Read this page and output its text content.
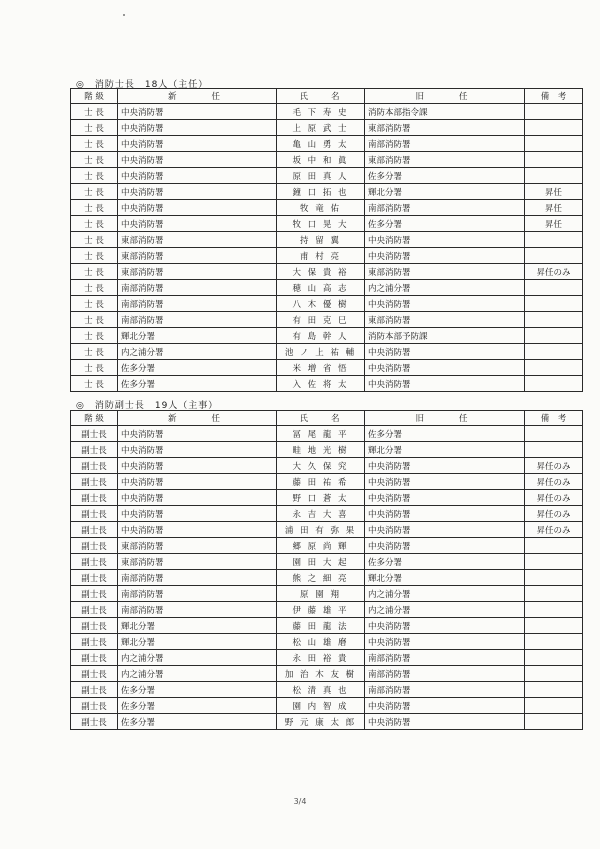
◎　消防士長　18人（主任）
階 級	新　　任	氏　　名	旧　　任	備　考
士 長	中央消防署	毛 下 寿 史	消防本部指令課	
士 長	中央消防署	上 原 武 士	東部消防署	
士 長	中央消防署	亀 山 勇 太	南部消防署	
士 長	中央消防署	坂 中 和 眞	東部消防署	
士 長	中央消防署	原 田 真 人	佐多分署	
士 長	中央消防署	鐘 口 拓 也	輝北分署	昇任
士 長	中央消防署	牧 竜 佑	南部消防署	昇任
士 長	中央消防署	牧 口 晃 大	佐多分署	昇任
士 長	東部消防署	持 留 翼	中央消防署	
士 長	東部消防署	甫 村 亮	中央消防署	
士 長	東部消防署	大 保 貴 裕	東部消防署	昇任のみ
士 長	南部消防署	穂 山 高 志	内之浦分署	
士 長	南部消防署	八 木 優 樹	中央消防署	
士 長	南部消防署	有 田 克 巳	東部消防署	
士 長	輝北分署	有 島 幹 人	消防本部予防課	
士 長	内之浦分署	池 ノ 上 祐 輔	中央消防署	
士 長	佐多分署	米 増 省 悟	中央消防署	
士 長	佐多分署	入 佐 将 太	中央消防署	
◎　消防副士長　19人（主事）
階 級	新　　任	氏　　名	旧　　任	備　考
副士長	中央消防署	冨 尾 龍 平	佐多分署	
副士長	中央消防署	畦 地 光 樹	輝北分署	
副士長	中央消防署	大 久 保 究	中央消防署	昇任のみ
副士長	中央消防署	藤 田 祐 希	中央消防署	昇任のみ
副士長	中央消防署	野 口 蒼 太	中央消防署	昇任のみ
副士長	中央消防署	永 吉 大 喜	中央消防署	昇任のみ
副士長	中央消防署	浦 田 有 弥 果	中央消防署	昇任のみ
副士長	東部消防署	郷 原 尚 輝	中央消防署	
副士長	東部消防署	園 田 大 起	佐多分署	
副士長	南部消防署	熊 之 細 亮	輝北分署	
副士長	南部消防署	原 園 翔	内之浦分署	
副士長	南部消防署	伊 藤 雄 平	内之浦分署	
副士長	輝北分署	藤 田 龍 法	中央消防署	
副士長	輝北分署	松 山 雄 磨	中央消防署	
副士長	内之浦分署	永 田 裕 貴	南部消防署	
副士長	内之浦分署	加 治 木 友 樹	南部消防署	
副士長	佐多分署	松 清 真 也	南部消防署	
副士長	佐多分署	園 内 智 成	中央消防署	
副士長	佐多分署	野 元 康 太 郎	中央消防署	
3/4
